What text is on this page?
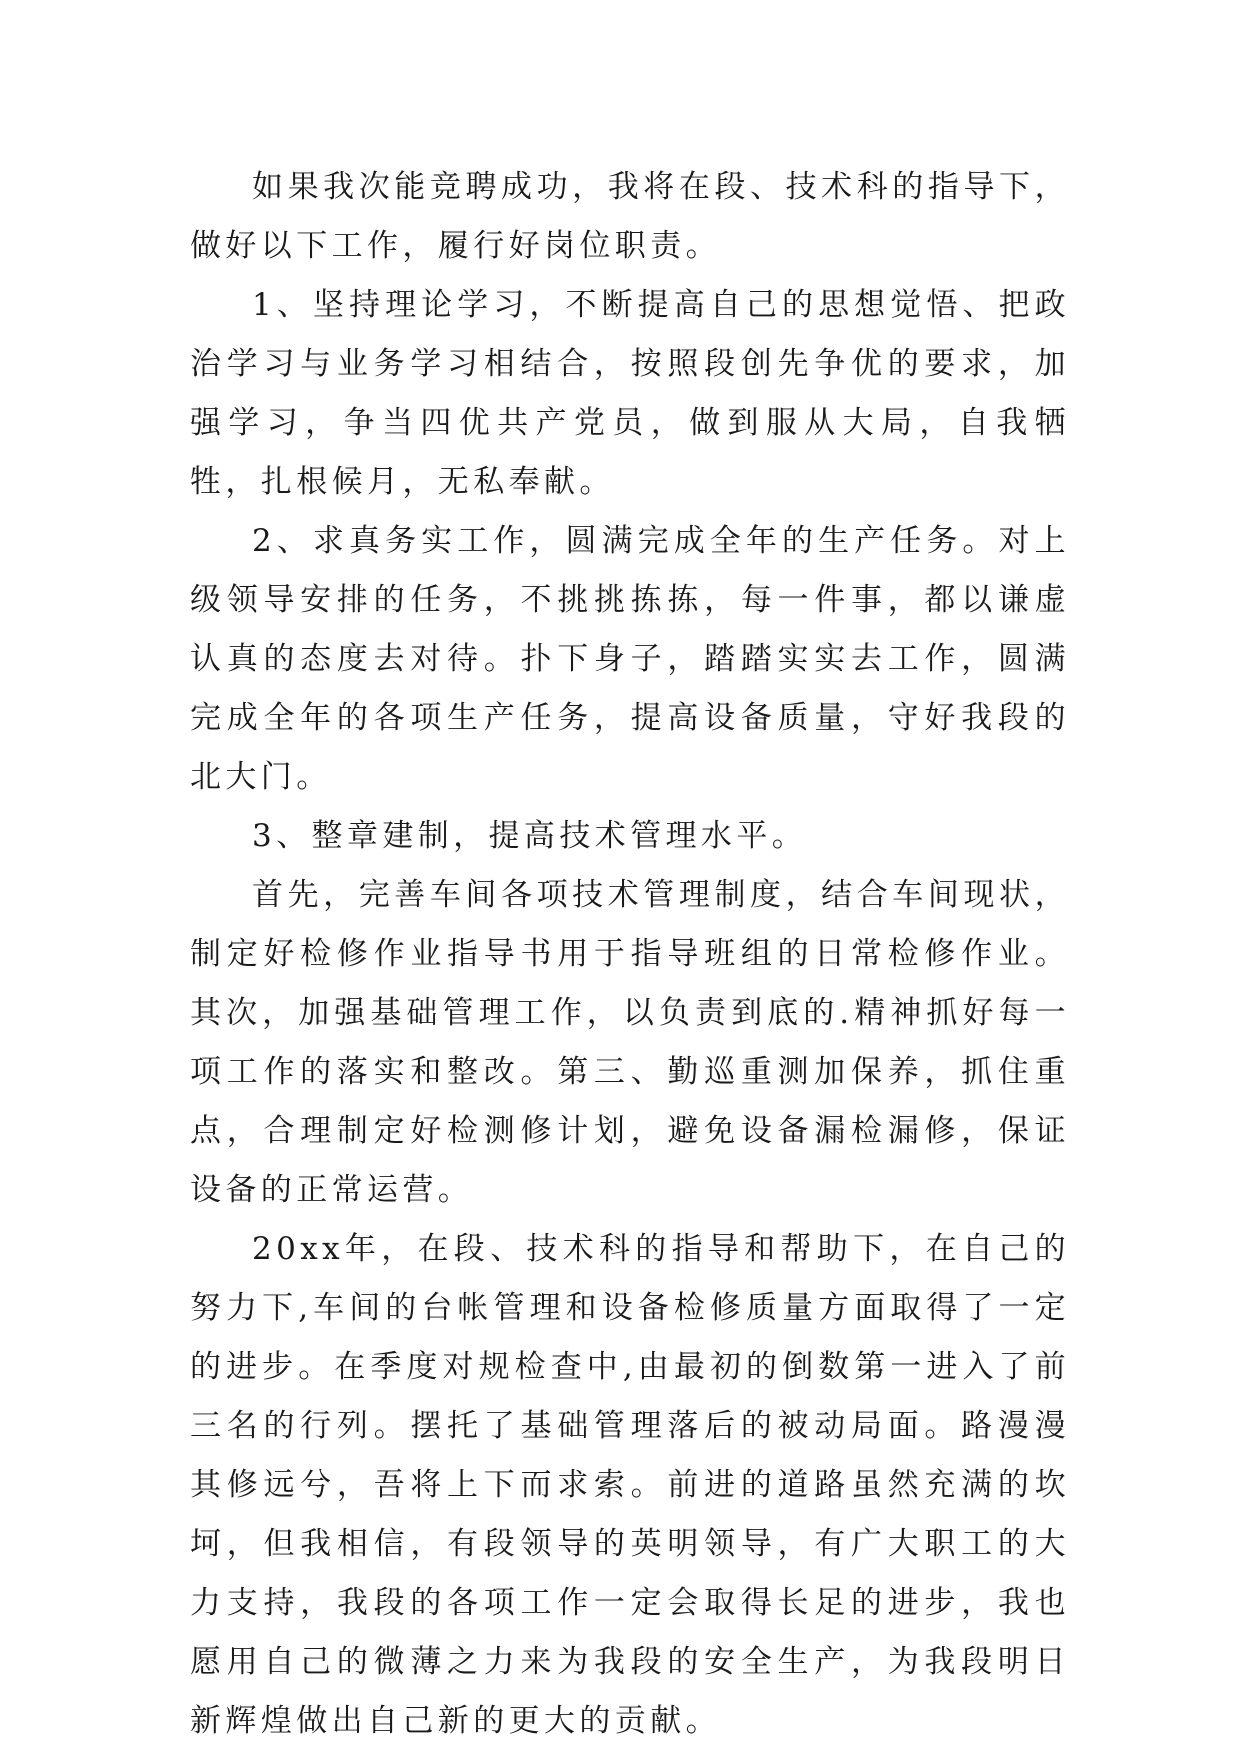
如果我次能竞聘成功，我将在段、技术科的指导下，做好以下工作，履行好岗位职责。

1、坚持理论学习，不断提高自己的思想觉悟、把政治学习与业务学习相结合，按照段创先争优的要求，加强学习，争当四优共产党员，做到服从大局，自我牺牲，扎根候月，无私奉献。

2、求真务实工作，圆满完成全年的生产任务。对上级领导安排的任务，不挑挑拣拣，每一件事，都以谦虚认真的态度去对待。扑下身子，踏踏实实去工作，圆满完成全年的各项生产任务，提高设备质量，守好我段的北大门。

3、整章建制，提高技术管理水平。

首先，完善车间各项技术管理制度，结合车间现状，制定好检修作业指导书用于指导班组的日常检修作业。其次，加强基础管理工作，以负责到底的.精神抓好每一项工作的落实和整改。第三、勤巡重测加保养，抓住重点，合理制定好检测修计划，避免设备漏检漏修，保证设备的正常运营。

20xx年，在段、技术科的指导和帮助下，在自己的努力下,车间的台帐管理和设备检修质量方面取得了一定的进步。在季度对规检查中,由最初的倒数第一进入了前三名的行列。摆托了基础管理落后的被动局面。路漫漫其修远兮，吾将上下而求索。前进的道路虽然充满的坎坷，但我相信，有段领导的英明领导，有广大职工的大力支持，我段的各项工作一定会取得长足的进步，我也愿用自己的微薄之力来为我段的安全生产，为我段明日新辉煌做出自己新的更大的贡献。
